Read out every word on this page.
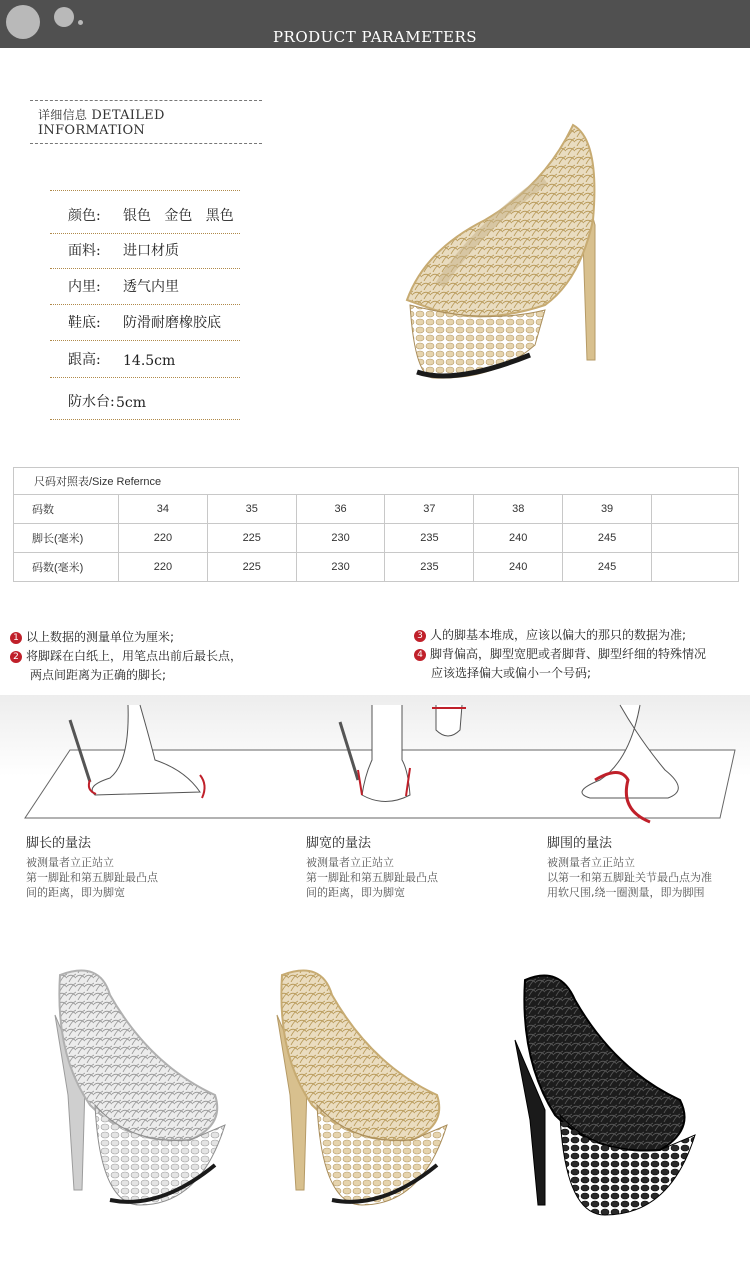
PRODUCT PARAMETERS
详细信息 DETAILED INFORMATION
颜色: 银色   金色   黑色
面料: 进口材质
内里: 透气内里
鞋底: 防滑耐磨橡胶底
跟高: 14.5cm
防水台: 5cm
尺码对照表/Size Refernce							
码数	34	35	36	37	38	39	
脚长(毫米)	220	225	230	235	240	245	
码数(毫米)	220	225	230	235	240	245	
1 以上数据的测量单位为厘米;
2 将脚踩在白纸上，用笔点出前后最长点，
两点间距离为正确的脚长;
3 人的脚基本堆成，应该以偏大的那只的数据为准;
4 脚背偏高，脚型宽肥或者脚背、脚型纤细的特殊情况
应该选择偏大或偏小一个号码;
脚长的量法
被测量者立正站立
第一脚趾和第五脚趾最凸点
间的距离，即为脚宽
脚宽的量法
被测量者立正站立
第一脚趾和第五脚趾最凸点
间的距离，即为脚宽
脚围的量法
被测量者立正站立
以第一和第五脚趾关节最凸点为准
用软尺围,绕一圈测量，即为脚围
